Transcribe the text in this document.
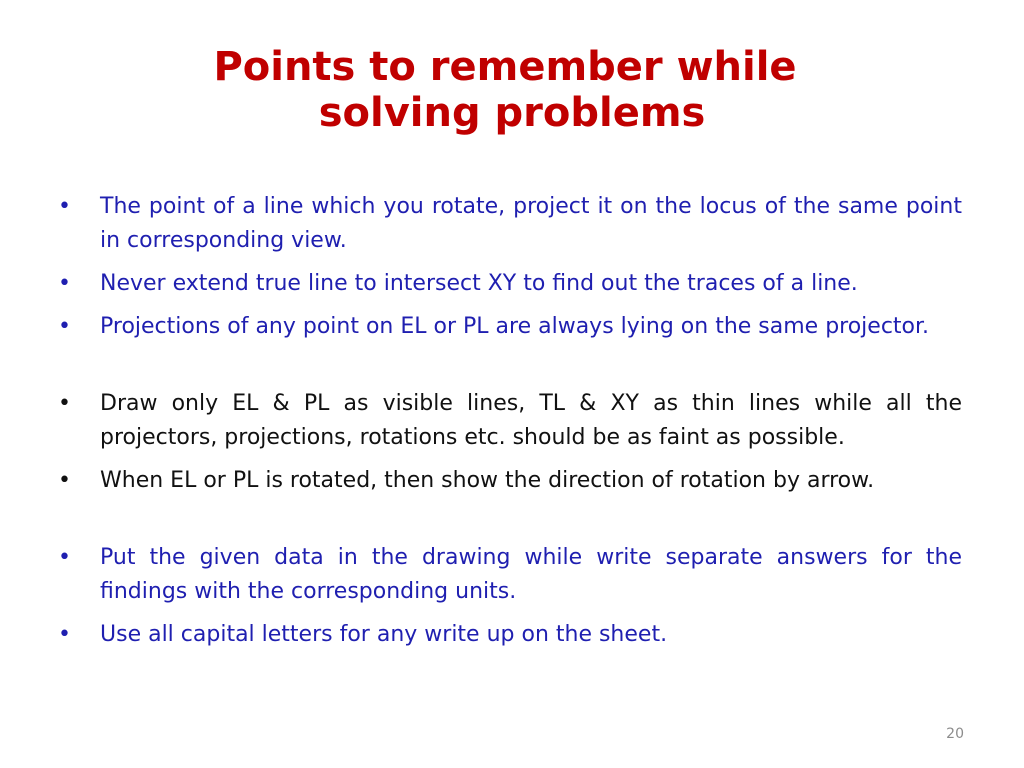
Points to remember while
solving problems
• The point of a line which you rotate, project it on the locus of the same point in corresponding view.
• Never extend true line to intersect XY to find out the traces of a line.
• Projections of any point on EL or PL are always lying on the same projector.
• Draw only EL & PL as visible lines, TL & XY as thin lines while all the projectors, projections, rotations etc. should be as faint as possible.
• When EL or PL is rotated, then show the direction of rotation by arrow.
• Put the given data in the drawing while write separate answers for the findings with the corresponding units.
• Use all capital letters for any write up on the sheet.
20
